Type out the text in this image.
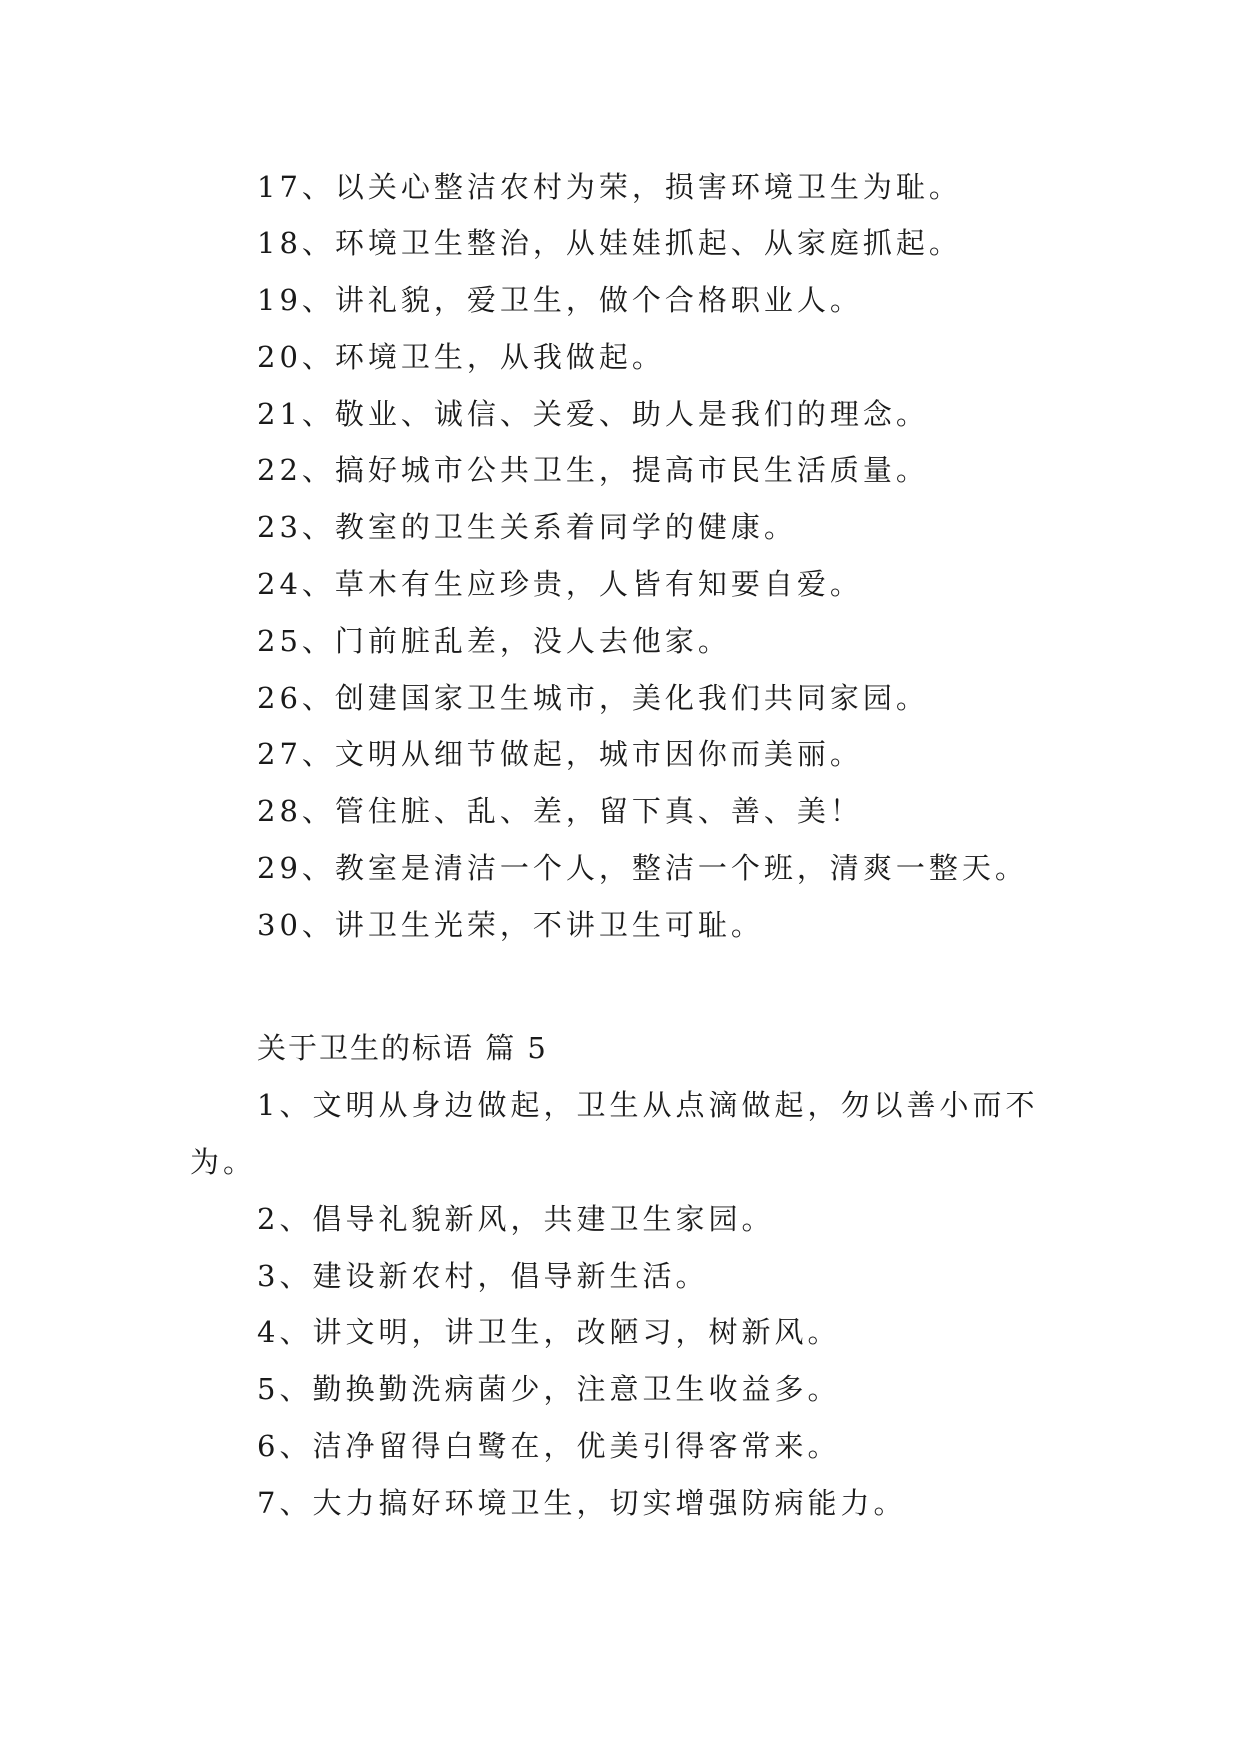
17、以关心整洁农村为荣，损害环境卫生为耻。
18、环境卫生整治，从娃娃抓起、从家庭抓起。
19、讲礼貌，爱卫生，做个合格职业人。
20、环境卫生，从我做起。
21、敬业、诚信、关爱、助人是我们的理念。
22、搞好城市公共卫生，提高市民生活质量。
23、教室的卫生关系着同学的健康。
24、草木有生应珍贵，人皆有知要自爱。
25、门前脏乱差，没人去他家。
26、创建国家卫生城市，美化我们共同家园。
27、文明从细节做起，城市因你而美丽。
28、管住脏、乱、差，留下真、善、美！
29、教室是清洁一个人，整洁一个班，清爽一整天。
30、讲卫生光荣，不讲卫生可耻。
关于卫生的标语 篇 5
1、文明从身边做起，卫生从点滴做起，勿以善小而不
为。
2、倡导礼貌新风，共建卫生家园。
3、建设新农村，倡导新生活。
4、讲文明，讲卫生，改陋习，树新风。
5、勤换勤洗病菌少，注意卫生收益多。
6、洁净留得白鹭在，优美引得客常来。
7、大力搞好环境卫生，切实增强防病能力。
